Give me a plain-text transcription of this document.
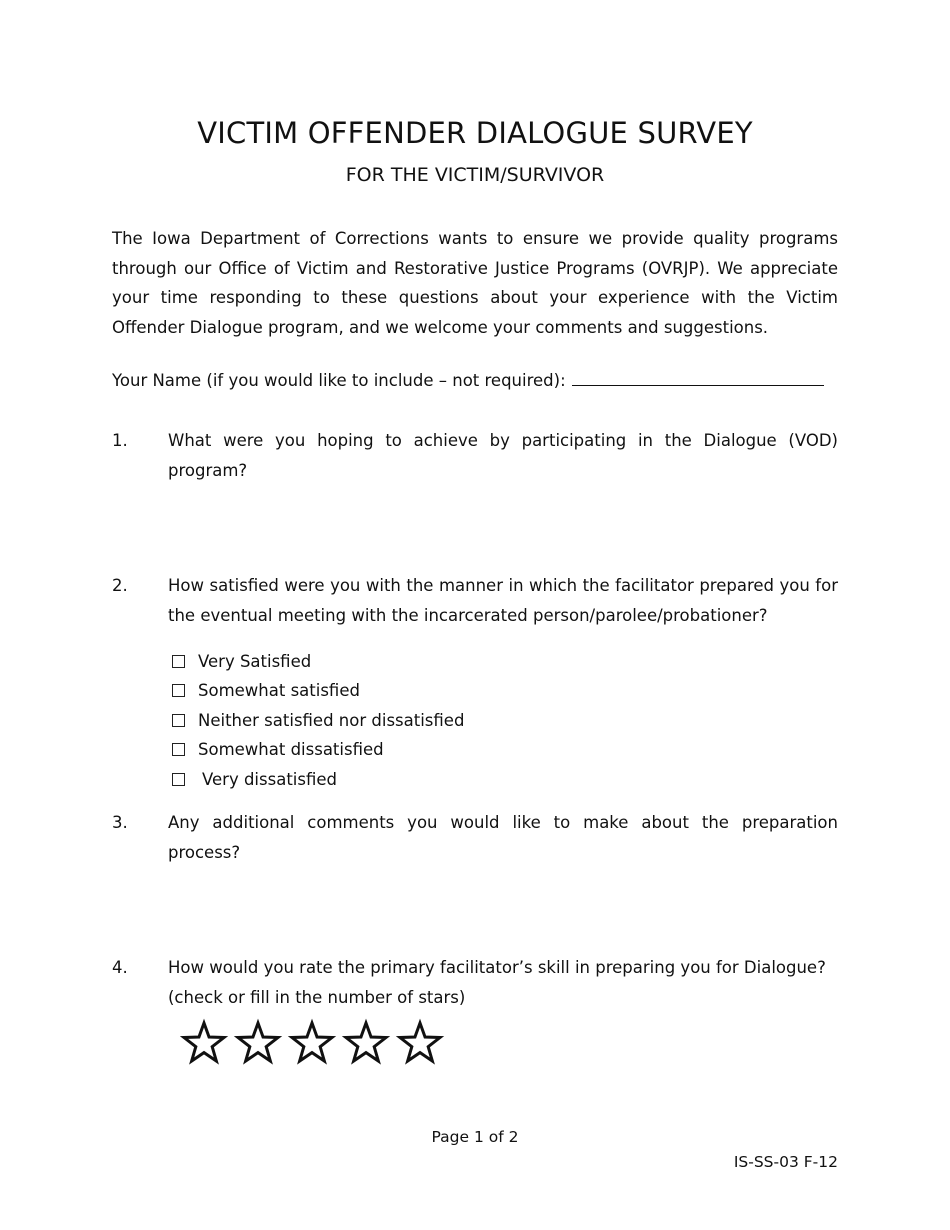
VICTIM OFFENDER DIALOGUE SURVEY
FOR THE VICTIM/SURVIVOR

The Iowa Department of Corrections wants to ensure we provide quality programs through our Office of Victim and Restorative Justice Programs (OVRJP). We appreciate your time responding to these questions about your experience with the Victim Offender Dialogue program, and we welcome your comments and suggestions.

Your Name (if you would like to include – not required):
1. What were you hoping to achieve by participating in the Dialogue (VOD) program?
2. How satisfied were you with the manner in which the facilitator prepared you for the eventual meeting with the incarcerated person/parolee/probationer?
Very Satisfied
Somewhat satisfied
Neither satisfied nor dissatisfied
Somewhat dissatisfied
Very dissatisfied
3. Any additional comments you would like to make about the preparation process?
4. How would you rate the primary facilitator’s skill in preparing you for Dialogue?
(check or fill in the number of stars)
Page 1 of 2
IS-SS-03 F-12
